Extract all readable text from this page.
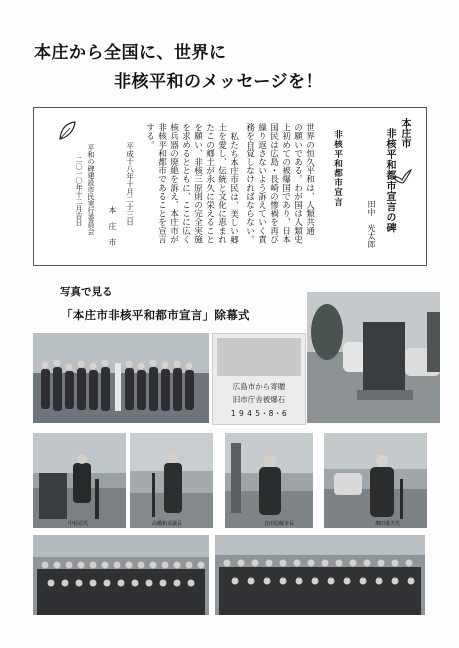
本庄から全国に、世界に
非核平和のメッセージを！
本庄市
非核平和都市宣言の碑
田中　光太郎
非核平和都市宣言
世界の恒久平和は、人類共通
の願いである。わが国は人類史
上初めての被爆国であり、日本
国民は広島・長崎の惨禍を再び
繰り返さないよう訴えていく責
務を自覚しなければならない。
私たち本庄市民は、美しい郷
土を愛し、伝統と文化に恵まれ
たこの郷土が永久に栄えること
を願い、非核三原則の完全実施
を求めるとともに、ここに広く
核兵器の廃絶を訴え、本庄市が
非核平和都市であることを宣言
する。
平成十八年十月二十三日
本　庄　市
平和の碑建設市民実行委員会
二〇一〇年十二月吉日
写真で見る
「本庄市非核平和都市宣言」除幕式
広島市から寄贈
旧市庁舎被爆石
1 9 4 5・8・6
中村忍氏	高橋和美議長	吉田信解市長	畑田重夫氏
